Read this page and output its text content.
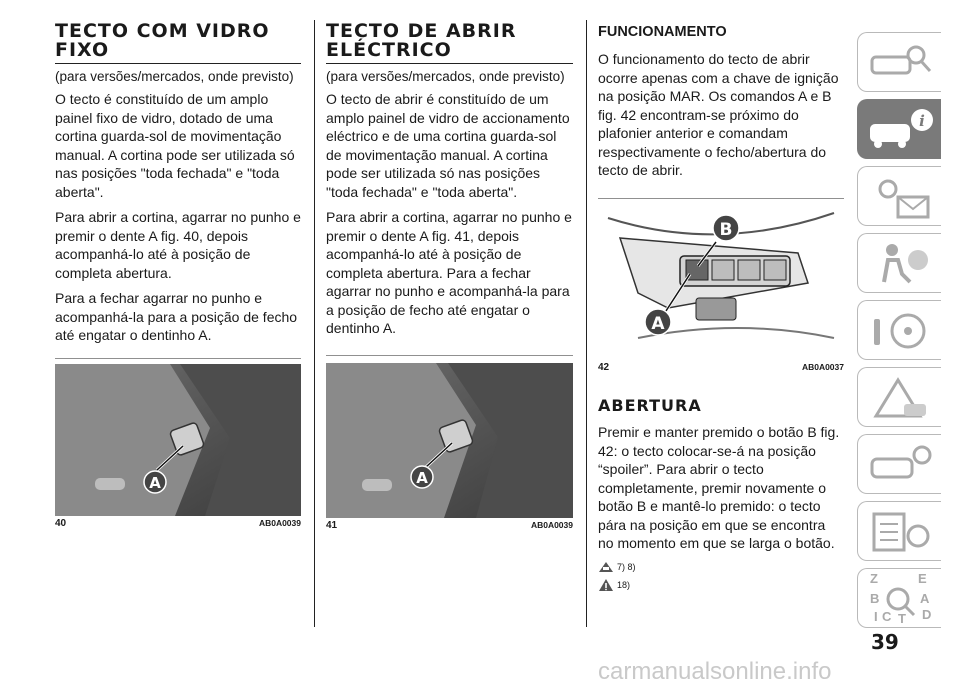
TECTO COM VIDRO
FIXO
(para versões/mercados, onde previsto)

O tecto é constituído de um amplo painel fixo de vidro, dotado de uma cortina guarda-sol de movimentação manual. A cortina pode ser utilizada só nas posições "toda fechada" e "toda aberta".

Para abrir a cortina, agarrar no punho e premir o dente A fig. 40, depois acompanhá-lo até à posição de completa abertura.

Para a fechar agarrar no punho e acompanhá-la para a posição de fecho até engatar o dentinho A.

A
40	AB0A0039
TECTO DE ABRIR
ELÉCTRICO
(para versões/mercados, onde previsto)

O tecto de abrir é constituído de um amplo painel de vidro de accionamento eléctrico e de uma cortina guarda-sol de movimentação manual. A cortina pode ser utilizada só nas posições "toda fechada" e "toda aberta".

Para abrir a cortina, agarrar no punho e premir o dente A fig. 41, depois acompanhá-lo até à posição de completa abertura. Para a fechar agarrar no punho e acompanhá-la para a posição de fecho até engatar o dentinho A.

A
41	AB0A0039
FUNCIONAMENTO

O funcionamento do tecto de abrir ocorre apenas com a chave de ignição na posição MAR. Os comandos A e B fig. 42 encontram-se próximo do plafonier anterior e comandam respectivamente o fecho/abertura do tecto de abrir.

B
A
42	AB0A0037
ABERTURA

Premir e manter premido o botão B fig. 42: o tecto colocar-se-á na posição “spoiler”. Para abrir o tecto completamente, premir novamente o botão B e mantê-lo premido: o tecto pára na posição em que se encontra no momento em que se larga o botão.

7) 8)
18)
i
Z	E
B	A
I C T D
39
carmanualsonline.info
